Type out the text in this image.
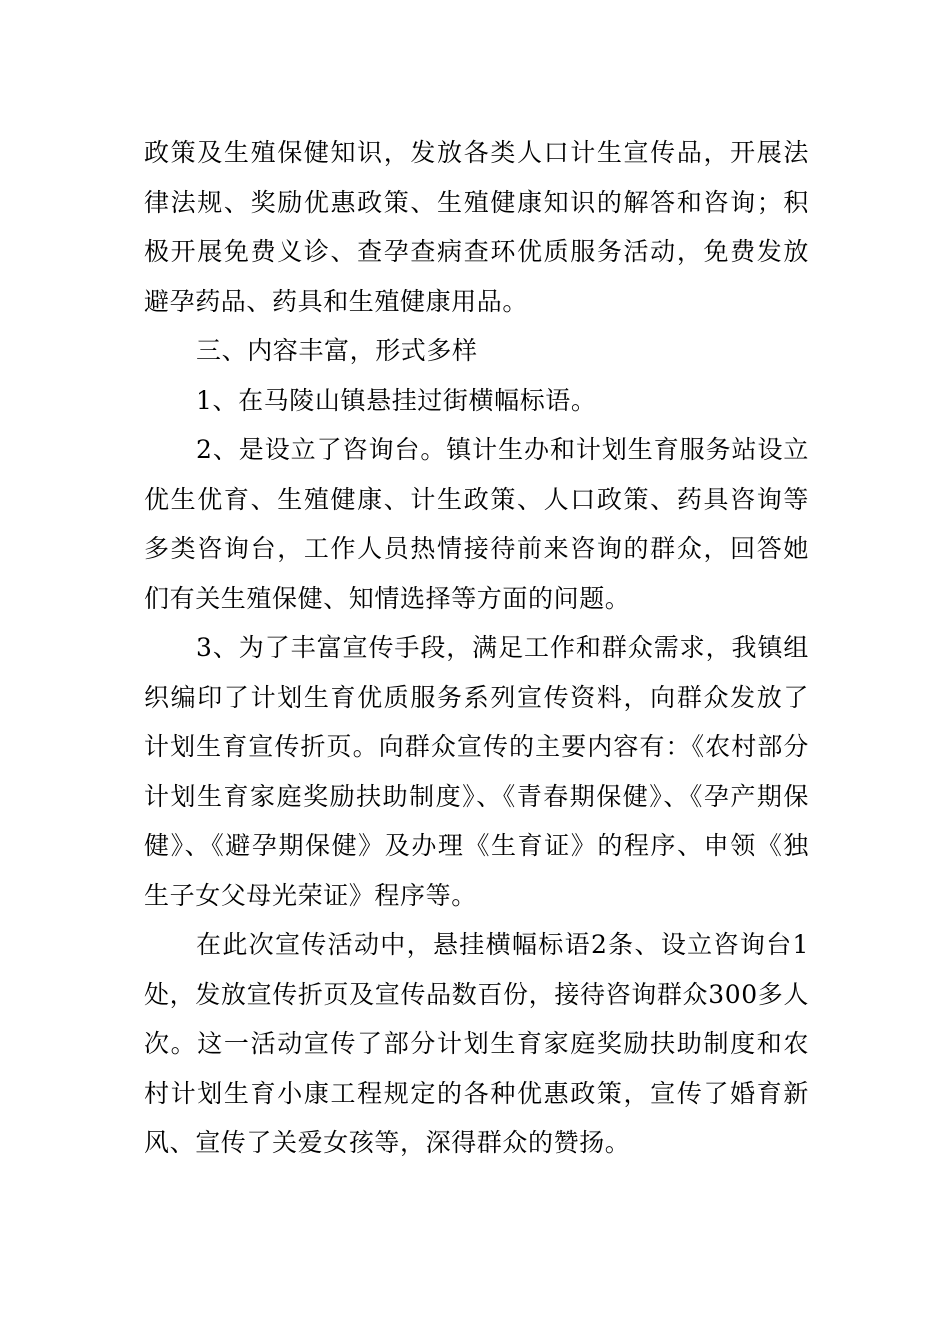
政策及生殖保健知识，发放各类人口计生宣传品，开展法律法规、奖励优惠政策、生殖健康知识的解答和咨询；积极开展免费义诊、查孕查病查环优质服务活动，免费发放避孕药品、药具和生殖健康用品。

三、内容丰富，形式多样

1、在马陵山镇悬挂过街横幅标语。

2、是设立了咨询台。镇计生办和计划生育服务站设立优生优育、生殖健康、计生政策、人口政策、药具咨询等多类咨询台，工作人员热情接待前来咨询的群众，回答她们有关生殖保健、知情选择等方面的问题。

3、为了丰富宣传手段，满足工作和群众需求，我镇组织编印了计划生育优质服务系列宣传资料，向群众发放了计划生育宣传折页。向群众宣传的主要内容有：《农村部分计划生育家庭奖励扶助制度》、《青春期保健》、《孕产期保健》、《避孕期保健》及办理《生育证》的程序、申领《独生子女父母光荣证》程序等。

在此次宣传活动中，悬挂横幅标语2条、设立咨询台1处，发放宣传折页及宣传品数百份，接待咨询群众300多人次。这一活动宣传了部分计划生育家庭奖励扶助制度和农村计划生育小康工程规定的各种优惠政策，宣传了婚育新风、宣传了关爱女孩等，深得群众的赞扬。
